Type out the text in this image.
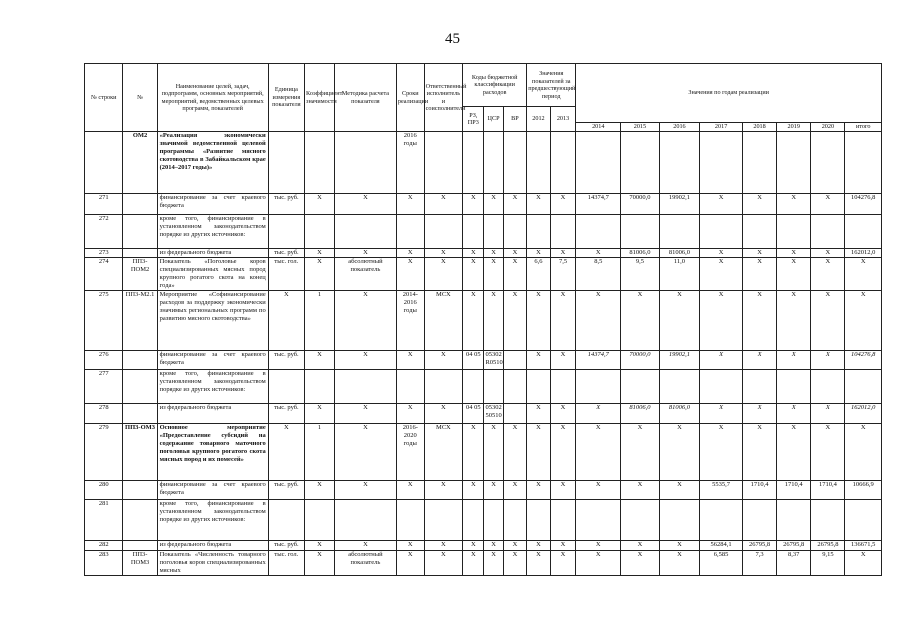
45
№ строки	№	Наименование целей, задач, подпрограмм, основных мероприятий, мероприятий, ведомственных целевых программ, показателей	Единица измерения показателя	Коэффициент значимости	Методика расчета показателя	Сроки реализации	Ответственный исполнитель и соисполнители	Коды бюджетной классификации расходов			Значения показателей за предшествующий период		Значения по годам реализации							
								РЗ, ПР3	ЦСР	ВР	2012	2013								
													2014	2015	2016	2017	2018	2019	2020	итого
	ОМ2	«Реализация экономически значимой ведомственной целевой программы «Развитие мясного скотоводства в Забайкальском крае (2014–2017 годы)»				2016 годы														
271		финансирование за счет краевого бюджета	тыс. руб.	X	X	X	X	X	X	X	X	X	14374,7	70000,0	19902,1	X	X	X	X	104276,8
272		кроме того, финансирование в установленном законодательством порядке из других источников:																		
273		из федерального бюджета	тыс. руб.	X	X	X	X	X	X	X	X	X	X	81006,0	81006,0	X	X	X	X	162012,0
274	ПП3-ПОМ2	Показатель «Поголовье коров специализированных мясных пород крупного рогатого скота на конец года»	тыс. гол.	X	абсолютный показатель	X	X	X	X	X	6,6	7,5	8,5	9,5	11,0	X	X	X	X	X
275	ПП3-М2.1	Мероприятие «Софинансирование расходов за поддержку экономически значимых региональных программ по развитию мясного скотоводства»	X	1	X	2014-2016 годы	МСХ	X	X	X	X	X	X	X	X	X	X	X	X	X
276		финансирование за счет краевого бюджета	тыс. руб.	X	X	X	X	04 05	05302 R0510		X	X	14374,7	70000,0	19902,1	X	X	X	X	104276,8
277		кроме того, финансирование в установленном законодательством порядке из других источников:																		
278		из федерального бюджета	тыс. руб.	X	X	X	X	04 05	05302 50510		X	X	X	81006,0	81006,0	X	X	X	X	162012,0
279	ПП3-ОМ3	Основное мероприятие «Предоставление субсидий на содержание товарного маточного поголовья крупного рогатого скота мясных пород и их помесей»	X	1	X	2016-2020 годы	МСХ	X	X	X	X	X	X	X	X	X	X	X	X	X
280		финансирование за счет краевого бюджета	тыс. руб.	X	X	X	X	X	X	X	X	X	X	X	X	5535,7	1710,4	1710,4	1710,4	10666,9
281		кроме того, финансирование в установленном законодательством порядке из других источников:																		
282		из федерального бюджета	тыс. руб.	X	X	X	X	X	X	X	X	X	X	X	X	56284,1	26795,8	26795,8	26795,8	136671,5
283	ПП3-ПОМ3	Показатель «Численность товарного поголовья коров специализированных мясных	тыс. гол.	X	абсолютный показатель	X	X	X	X	X	X	X	X	X	X	6,585	7,3	8,37	9,15	X
